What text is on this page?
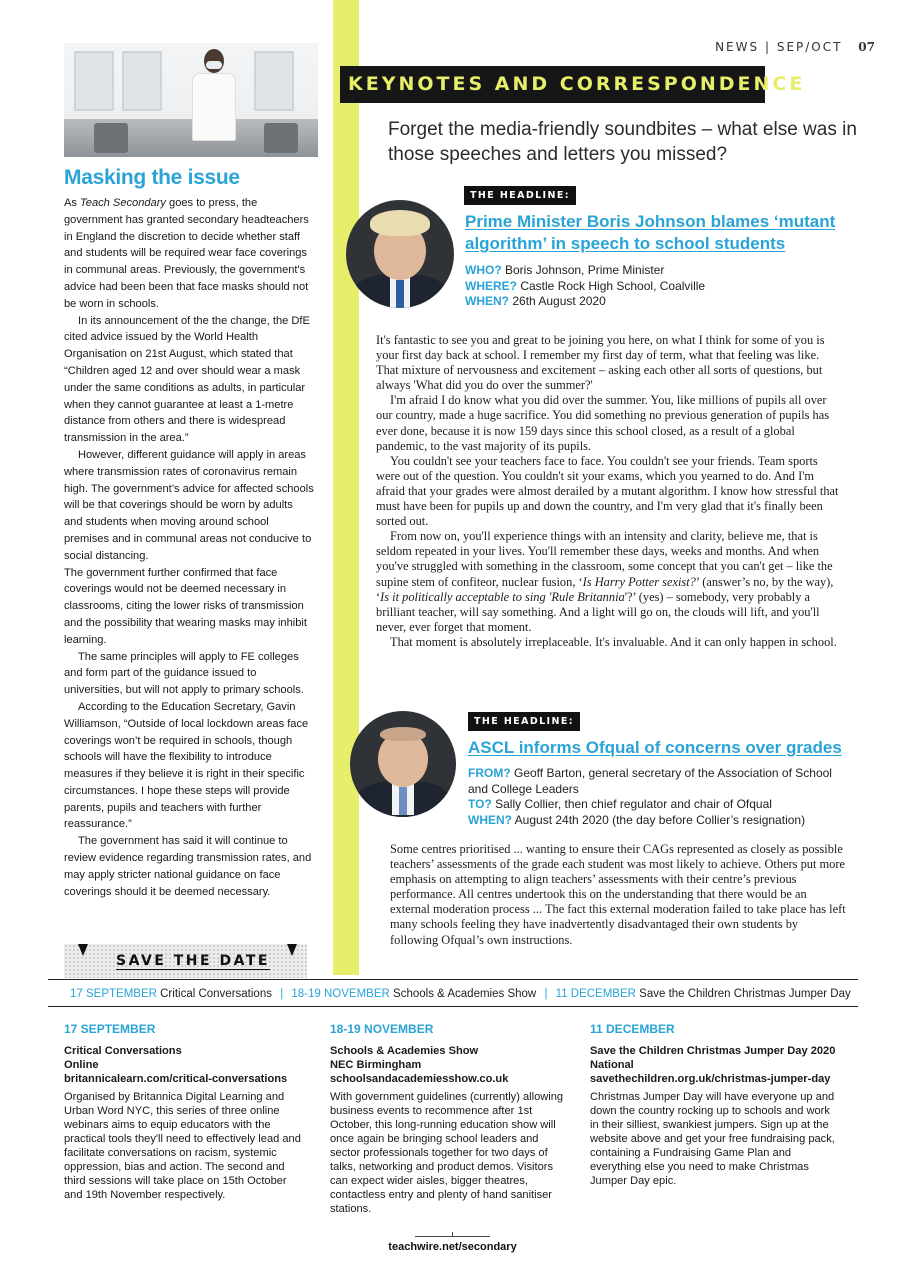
NEWS | SEP/OCT 07
Masking the issue

As Teach Secondary goes to press, the government has granted secondary headteachers in England the discretion to decide whether staff and students will be required wear face coverings in communal areas. Previously, the government's advice had been been that face masks should not be worn in schools.

In its announcement of the the change, the DfE cited advice issued by the World Health Organisation on 21st August, which stated that “Children aged 12 and over should wear a mask under the same conditions as adults, in particular when they cannot guarantee at least a 1-metre distance from others and there is widespread transmission in the area.”

However, different guidance will apply in areas where transmission rates of coronavirus remain high. The government’s advice for affected schools will be that coverings should be worn by adults and students when moving around school premises and in communal areas not conducive to social distancing.

The government further confirmed that face coverings would not be deemed necessary in classrooms, citing the lower risks of transmission and the possibility that wearing masks may inhibit learning.

The same principles will apply to FE colleges and form part of the guidance issued to universities, but will not apply to primary schools.

According to the Education Secretary, Gavin Williamson, “Outside of local lockdown areas face coverings won’t be required in schools, though schools will have the flexibility to introduce measures if they believe it is right in their specific circumstances. I hope these steps will provide parents, pupils and teachers with further reassurance.”

The government has said it will continue to review evidence regarding transmission rates, and may apply stricter national guidance on face coverings should it be deemed necessary.

SAVE THE DATE
17 SEPTEMBER Critical Conversations | 18-19 NOVEMBER Schools & Academies Show | 11 DECEMBER Save the Children Christmas Jumper Day
KEYNOTES AND CORRESPONDENCE
Forget the media-friendly soundbites – what else was in those speeches and letters you missed?
THE HEADLINE:
Prime Minister Boris Johnson blames ‘mutant algorithm’ in speech to school students
WHO? Boris Johnson, Prime Minister
WHERE? Castle Rock High School, Coalville
WHEN? 26th August 2020

It's fantastic to see you and great to be joining you here, on what I think for some of you is your first day back at school. I remember my first day of term, what that feeling was like. That mixture of nervousness and excitement – asking each other all sorts of questions, but always 'What did you do over the summer?'

I'm afraid I do know what you did over the summer. You, like millions of pupils all over our country, made a huge sacrifice. You did something no previous generation of pupils has ever done, because it is now 159 days since this school closed, as a result of a global pandemic, to the vast majority of its pupils.

You couldn't see your teachers face to face. You couldn't see your friends. Team sports were out of the question. You couldn't sit your exams, which you yearned to do. And I'm afraid that your grades were almost derailed by a mutant algorithm. I know how stressful that must have been for pupils up and down the country, and I'm very glad that it's finally been sorted out.

From now on, you'll experience things with an intensity and clarity, believe me, that is seldom repeated in your lives. You'll remember these days, weeks and months. And when you've struggled with something in the classroom, some concept that you can't get – like the supine stem of confiteor, nuclear fusion, ‘Is Harry Potter sexist?’ (answer’s no, by the way), ‘Is it politically acceptable to sing 'Rule Britannia'?’ (yes) – somebody, very probably a brilliant teacher, will say something. And a light will go on, the clouds will lift, and you'll never, ever forget that moment.

That moment is absolutely irreplaceable. It's invaluable. And it can only happen in school.

THE HEADLINE:
ASCL informs Ofqual of concerns over grades
FROM? Geoff Barton, general secretary of the Association of School and College Leaders
TO? Sally Collier, then chief regulator and chair of Ofqual
WHEN? August 24th 2020 (the day before Collier’s resignation)

Some centres prioritised ... wanting to ensure their CAGs represented as closely as possible teachers’ assessments of the grade each student was most likely to achieve. Others put more emphasis on attempting to align teachers’ assessments with their centre’s previous performance. All centres undertook this on the understanding that there would be an external moderation process ... The fact this external moderation failed to take place has left many schools feeling they have inadvertently disadvantaged their own students by following Ofqual’s own instructions.

17 SEPTEMBER
Critical Conversations
Online
britannicalearn.com/critical-conversations
Organised by Britannica Digital Learning and Urban Word NYC, this series of three online webinars aims to equip educators with the practical tools they'll need to effectively lead and facilitate conversations on racism, systemic oppression, bias and action. The second and third sessions will take place on 15th October and 19th November respectively.
18-19 NOVEMBER
Schools & Academies Show
NEC Birmingham
schoolsandacademiesshow.co.uk
With government guidelines (currently) allowing business events to recommence after 1st October, this long-running education show will once again be bringing school leaders and sector professionals together for two days of talks, networking and product demos. Visitors can expect wider aisles, bigger theatres, contactless entry and plenty of hand sanitiser stations.
11 DECEMBER
Save the Children Christmas Jumper Day 2020
National
savethechildren.org.uk/christmas-jumper-day
Christmas Jumper Day will have everyone up and down the country rocking up to schools and work in their silliest, swankiest jumpers. Sign up at the website above and get your free fundraising pack, containing a Fundraising Game Plan and everything else you need to make Christmas Jumper Day epic.
teachwire.net/secondary
